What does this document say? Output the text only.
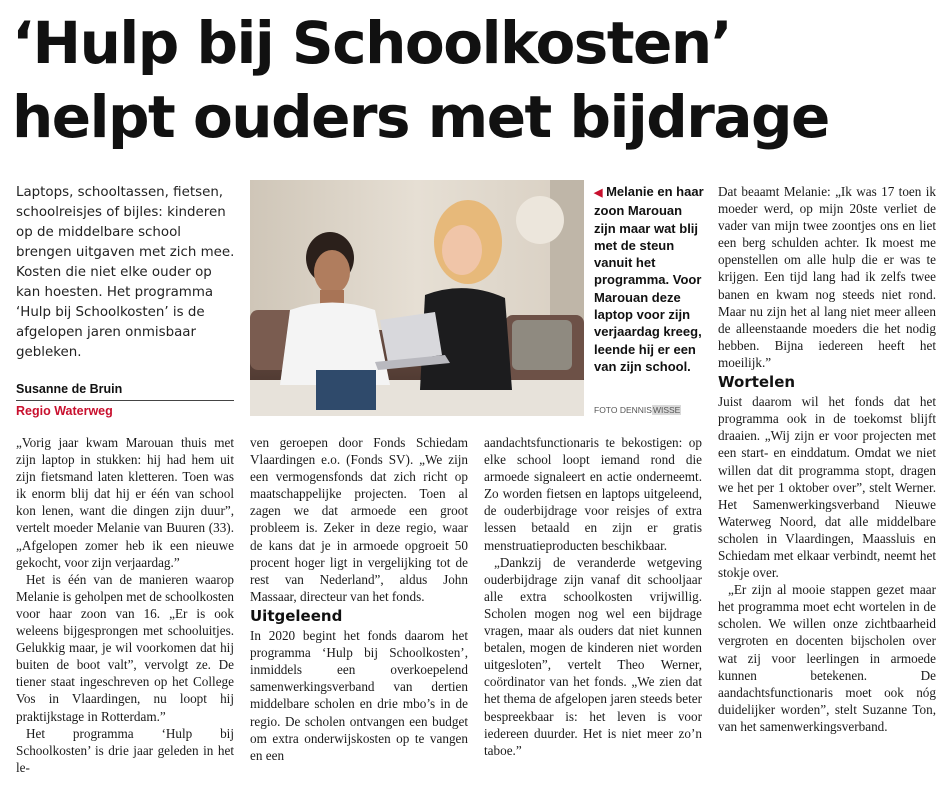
‘Hulp bij Schoolkosten’
helpt ouders met bijdrage

Laptops, schooltassen, fietsen, schoolreisjes of bijles: kinderen op de middelbare school brengen uitgaven met zich mee. Kosten die niet elke ouder op kan hoesten. Het programma ‘Hulp bij Schoolkosten’ is de afgelopen jaren onmisbaar gebleken.

Susanne de Bruin
Regio Waterweg

◀ Melanie en haar zoon Marouan zijn maar wat blij met de steun vanuit het programma. Voor Marouan deze laptop voor zijn verjaardag kreeg, leende hij er een van zijn school.

FOTO DENNISWISSE

„Vorig jaar kwam Marouan thuis met zijn laptop in stukken: hij had hem uit zijn fietsmand laten kletteren. Toen was ik enorm blij dat hij er één van school kon lenen, want die dingen zijn duur”, vertelt moeder Melanie van Buuren (33). „Afgelopen zomer heb ik een nieuwe gekocht, voor zijn verjaardag.”

Het is één van de manieren waarop Melanie is geholpen met de schoolkosten voor haar zoon van 16. „Er is ook weleens bijgesprongen met schooluitjes. Gelukkig maar, je wil voorkomen dat hij buiten de boot valt”, vervolgt ze. De tiener staat ingeschreven op het College Vos in Vlaardingen, nu loopt hij praktijkstage in Rotterdam.”

Het programma ‘Hulp bij Schoolkosten’ is drie jaar geleden in het le-

ven geroepen door Fonds Schiedam Vlaardingen e.o. (Fonds SV). „We zijn een vermogensfonds dat zich richt op maatschappelijke projecten. Toen al zagen we dat armoede een groot probleem is. Zeker in deze regio, waar de kans dat je in armoede opgroeit 50 procent hoger ligt in vergelijking tot de rest van Nederland”, aldus John Massaar, directeur van het fonds.

Uitgeleend

In 2020 begint het fonds daarom het programma ‘Hulp bij Schoolkosten’, inmiddels een overkoepelend samenwerkingsverband van dertien middelbare scholen en drie mbo’s in de regio. De scholen ontvangen een budget om extra onderwijskosten op te vangen en een

aandachtsfunctionaris te bekostigen: op elke school loopt iemand rond die armoede signaleert en actie onderneemt. Zo worden fietsen en laptops uitgeleend, de ouderbijdrage voor reisjes of extra lessen betaald en zijn er gratis menstruatieproducten beschikbaar.

„Dankzij de veranderde wetgeving ouderbijdrage zijn vanaf dit schooljaar alle extra schoolkosten vrijwillig. Scholen mogen nog wel een bijdrage vragen, maar als ouders dat niet kunnen betalen, mogen de kinderen niet worden uitgesloten”, vertelt Theo Werner, coördinator van het fonds. „We zien dat het thema de afgelopen jaren steeds beter bespreekbaar is: het leven is voor iedereen duurder. Het is niet meer zo’n taboe.”

Dat beaamt Melanie: „Ik was 17 toen ik moeder werd, op mijn 20ste verliet de vader van mijn twee zoontjes ons en liet een berg schulden achter. Ik moest me openstellen om alle hulp die er was te krijgen. Een tijd lang had ik zelfs twee banen en kwam nog steeds niet rond. Maar nu zijn het al lang niet meer alleen de alleenstaande moeders die het nodig hebben. Bijna iedereen heeft het moeilijk.”

Wortelen

Juist daarom wil het fonds dat het programma ook in de toekomst blijft draaien. „Wij zijn er voor projecten met een start- en einddatum. Omdat we niet willen dat dit programma stopt, dragen we het per 1 oktober over”, stelt Werner. Het Samenwerkingsverband Nieuwe Waterweg Noord, dat alle middelbare scholen in Vlaardingen, Maassluis en Schiedam met elkaar verbindt, neemt het stokje over.

„Er zijn al mooie stappen gezet maar het programma moet echt wortelen in de scholen. We willen onze zichtbaarheid vergroten en docenten bijscholen over wat zij voor leerlingen in armoede kunnen betekenen. De aandachtsfunctionaris moet ook nóg duidelijker worden”, stelt Suzanne Ton, van het samenwerkingsverband.
